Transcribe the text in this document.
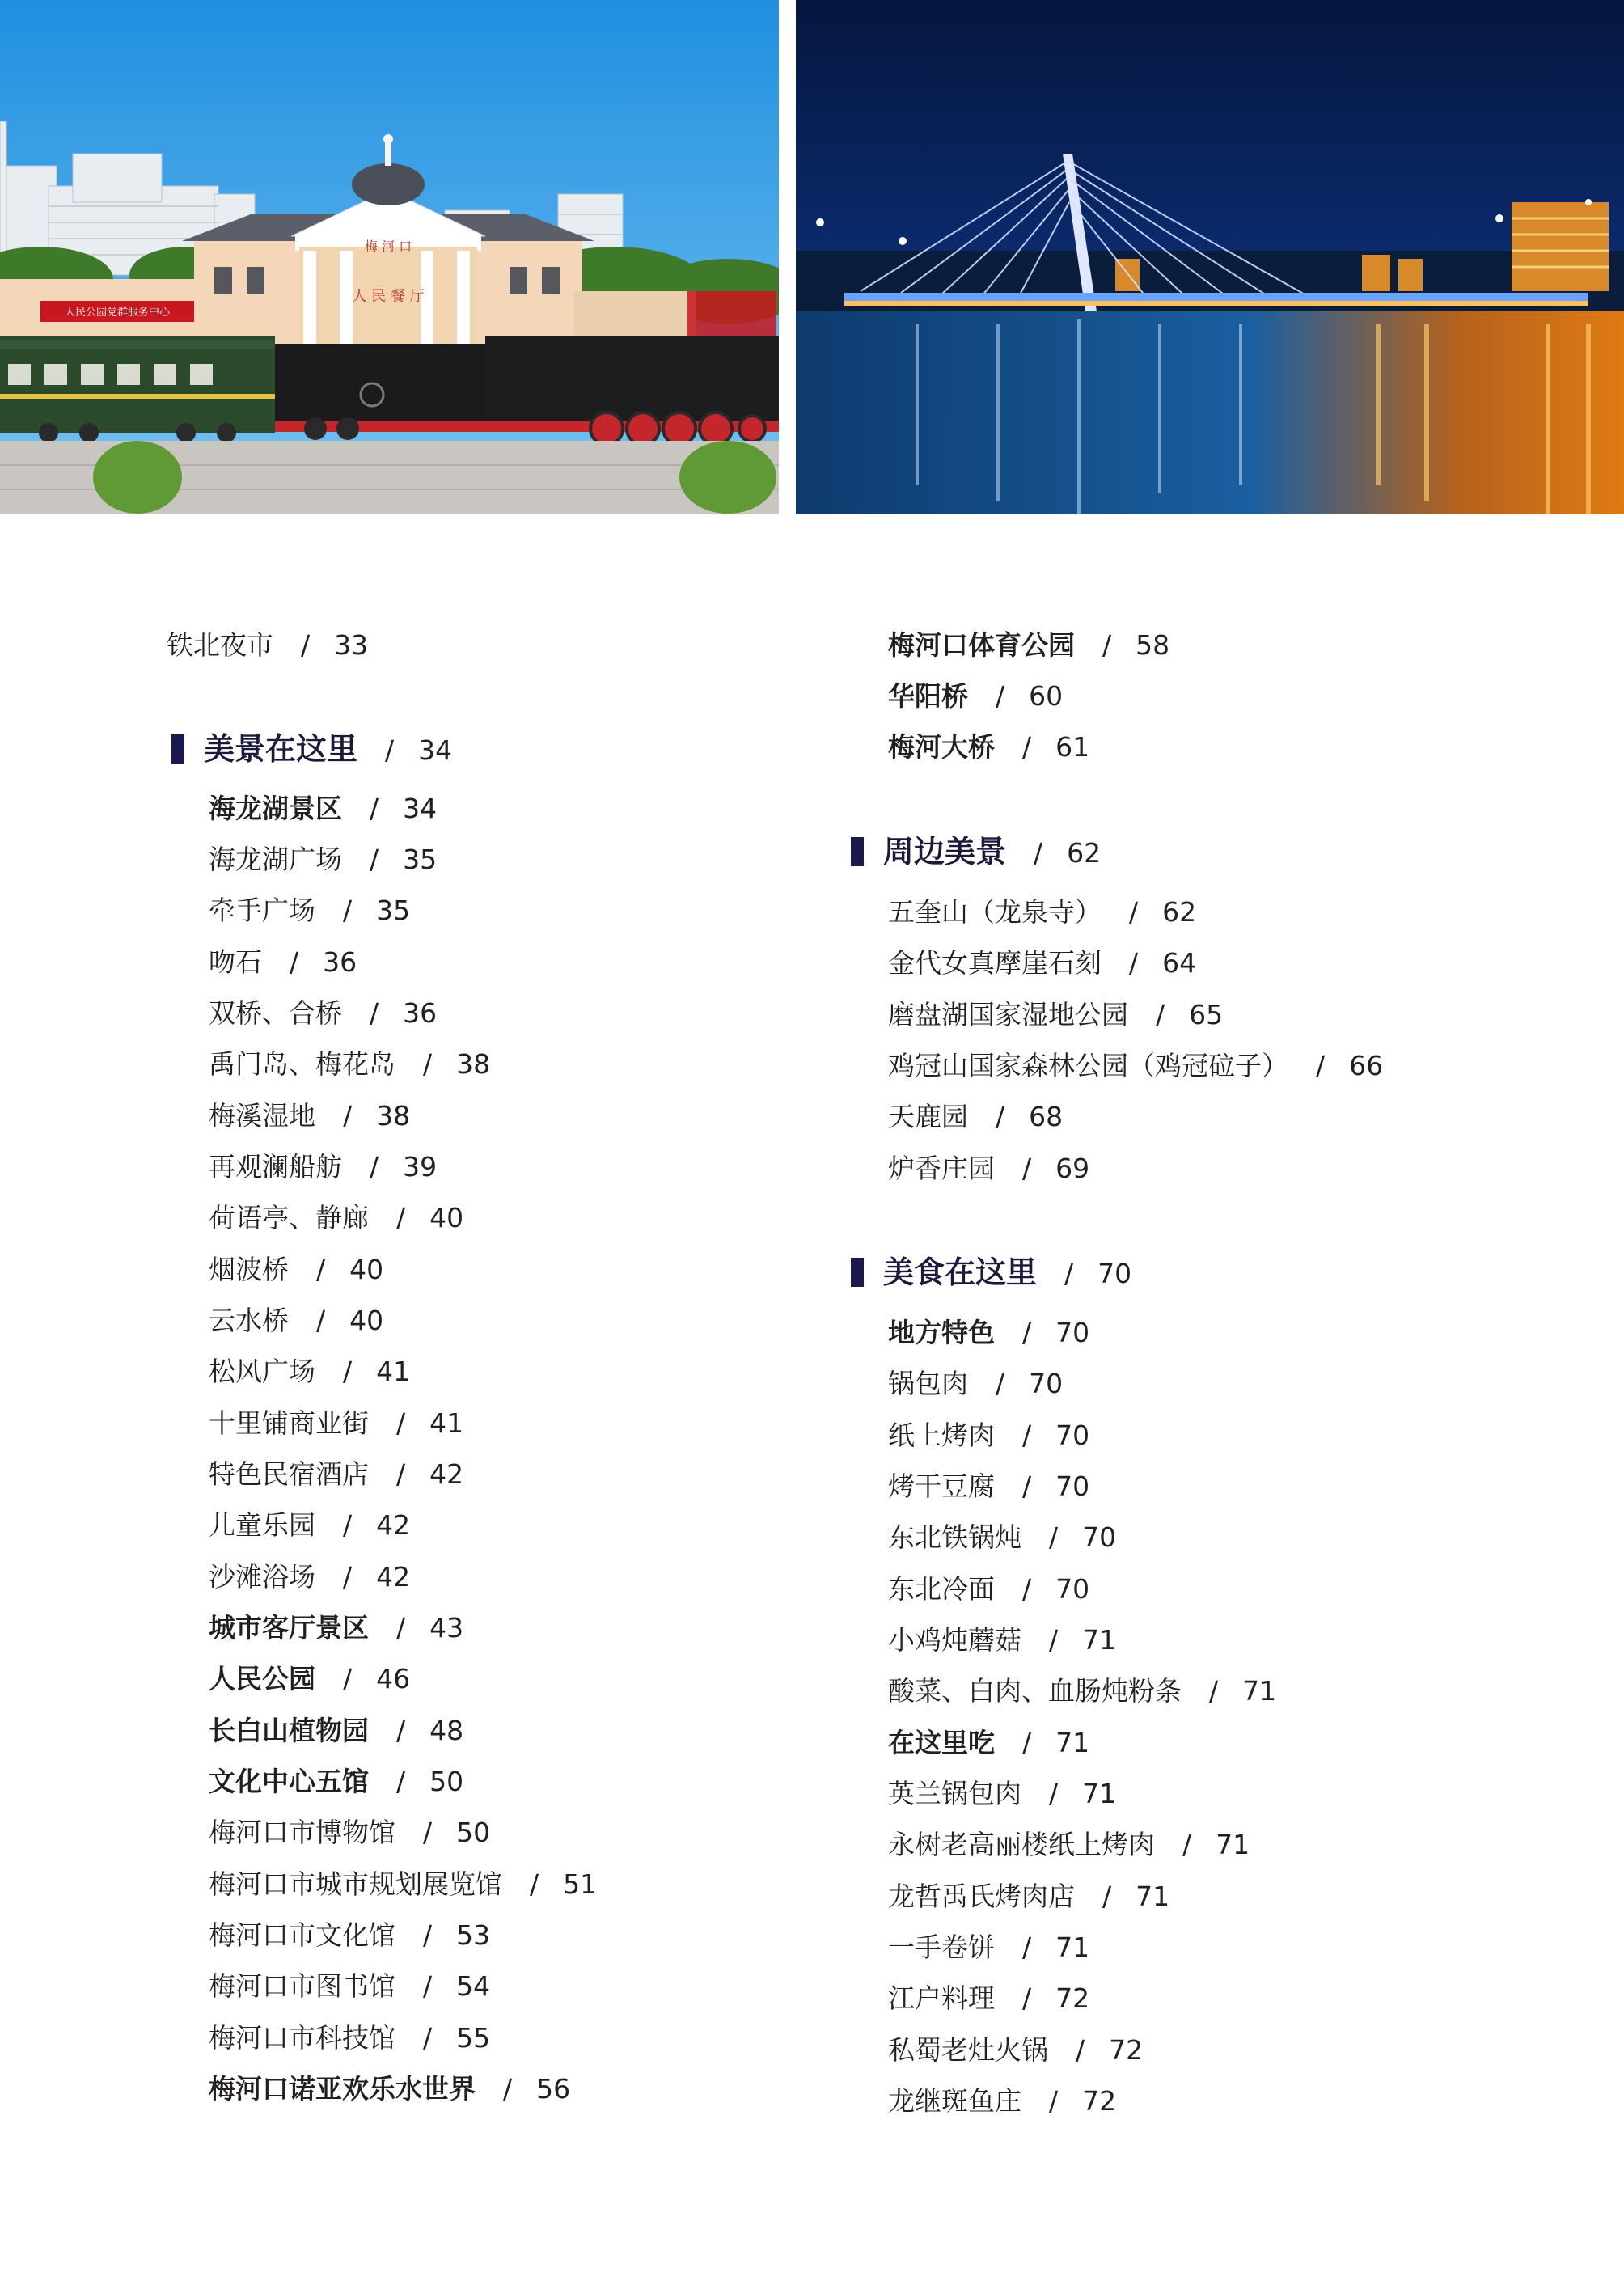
梅 河 口
人 民 餐 厅
人民公园党群服务中心
铁北夜市 / 33
美景在这里 / 34
海龙湖景区 / 34
海龙湖广场 / 35
牵手广场 / 35
吻石 / 36
双桥、合桥 / 36
禹门岛、梅花岛 / 38
梅溪湿地 / 38
再观澜船舫 / 39
荷语亭、静廊 / 40
烟波桥 / 40
云水桥 / 40
松风广场 / 41
十里铺商业街 / 41
特色民宿酒店 / 42
儿童乐园 / 42
沙滩浴场 / 42
城市客厅景区 / 43
人民公园 / 46
长白山植物园 / 48
文化中心五馆 / 50
梅河口市博物馆 / 50
梅河口市城市规划展览馆 / 51
梅河口市文化馆 / 53
梅河口市图书馆 / 54
梅河口市科技馆 / 55
梅河口诺亚欢乐水世界 / 56
梅河口体育公园 / 58
华阳桥 / 60
梅河大桥 / 61
周边美景 / 62
五奎山（龙泉寺） / 62
金代女真摩崖石刻 / 64
磨盘湖国家湿地公园 / 65
鸡冠山国家森林公园（鸡冠砬子） / 66
天鹿园 / 68
炉香庄园 / 69
美食在这里 / 70
地方特色 / 70
锅包肉 / 70
纸上烤肉 / 70
烤干豆腐 / 70
东北铁锅炖 / 70
东北冷面 / 70
小鸡炖蘑菇 / 71
酸菜、白肉、血肠炖粉条 / 71
在这里吃 / 71
英兰锅包肉 / 71
永树老高丽楼纸上烤肉 / 71
龙哲禹氏烤肉店 / 71
一手卷饼 / 71
江户料理 / 72
私蜀老灶火锅 / 72
龙继斑鱼庄 / 72
